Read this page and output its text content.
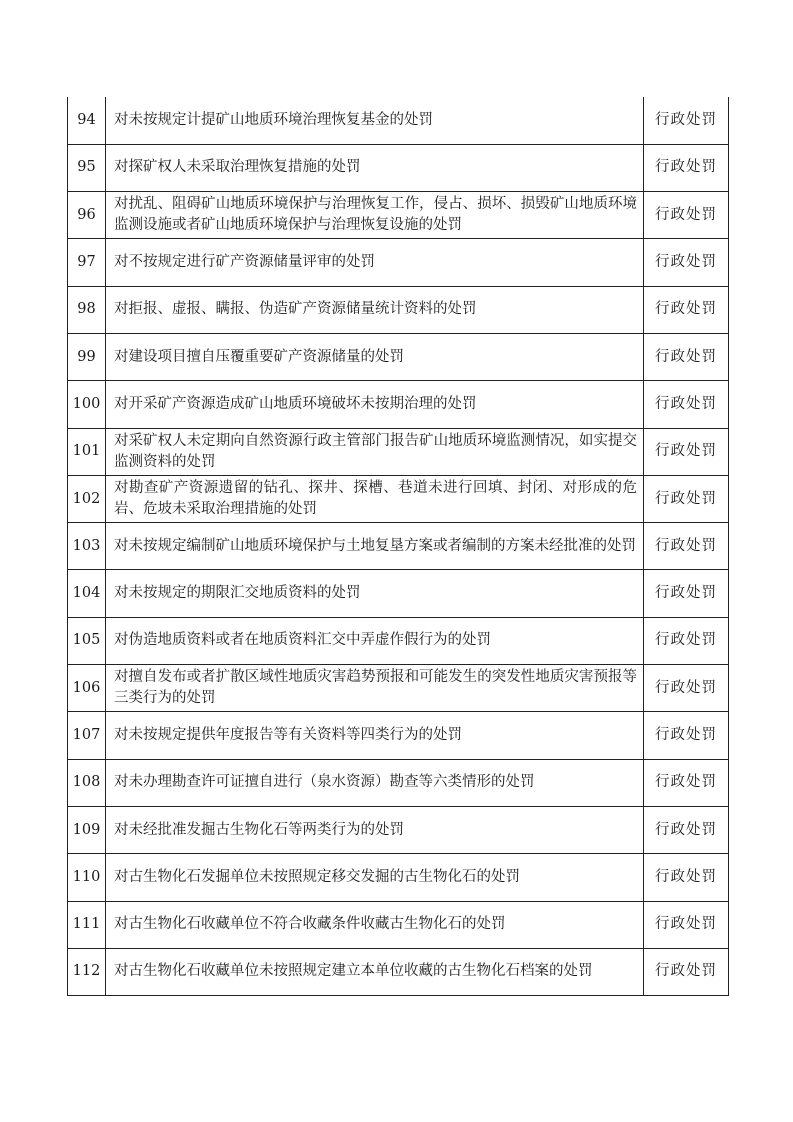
94	对未按规定计提矿山地质环境治理恢复基金的处罚	行政处罚
95	对探矿权人未采取治理恢复措施的处罚	行政处罚
96	对扰乱、阻碍矿山地质环境保护与治理恢复工作，侵占、损坏、损毁矿山地质环境监测设施或者矿山地质环境保护与治理恢复设施的处罚	行政处罚
97	对不按规定进行矿产资源储量评审的处罚	行政处罚
98	对拒报、虚报、瞒报、伪造矿产资源储量统计资料的处罚	行政处罚
99	对建设项目擅自压覆重要矿产资源储量的处罚	行政处罚
100	对开采矿产资源造成矿山地质环境破坏未按期治理的处罚	行政处罚
101	对采矿权人未定期向自然资源行政主管部门报告矿山地质环境监测情况，如实提交监测资料的处罚	行政处罚
102	对勘查矿产资源遗留的钻孔、探井、探槽、巷道未进行回填、封闭、对形成的危岩、危坡未采取治理措施的处罚	行政处罚
103	对未按规定编制矿山地质环境保护与土地复垦方案或者编制的方案未经批准的处罚	行政处罚
104	对未按规定的期限汇交地质资料的处罚	行政处罚
105	对伪造地质资料或者在地质资料汇交中弄虚作假行为的处罚	行政处罚
106	对擅自发布或者扩散区域性地质灾害趋势预报和可能发生的突发性地质灾害预报等三类行为的处罚	行政处罚
107	对未按规定提供年度报告等有关资料等四类行为的处罚	行政处罚
108	对未办理勘查许可证擅自进行（泉水资源）勘查等六类情形的处罚	行政处罚
109	对未经批准发掘古生物化石等两类行为的处罚	行政处罚
110	对古生物化石发掘单位未按照规定移交发掘的古生物化石的处罚	行政处罚
111	对古生物化石收藏单位不符合收藏条件收藏古生物化石的处罚	行政处罚
112	对古生物化石收藏单位未按照规定建立本单位收藏的古生物化石档案的处罚	行政处罚
